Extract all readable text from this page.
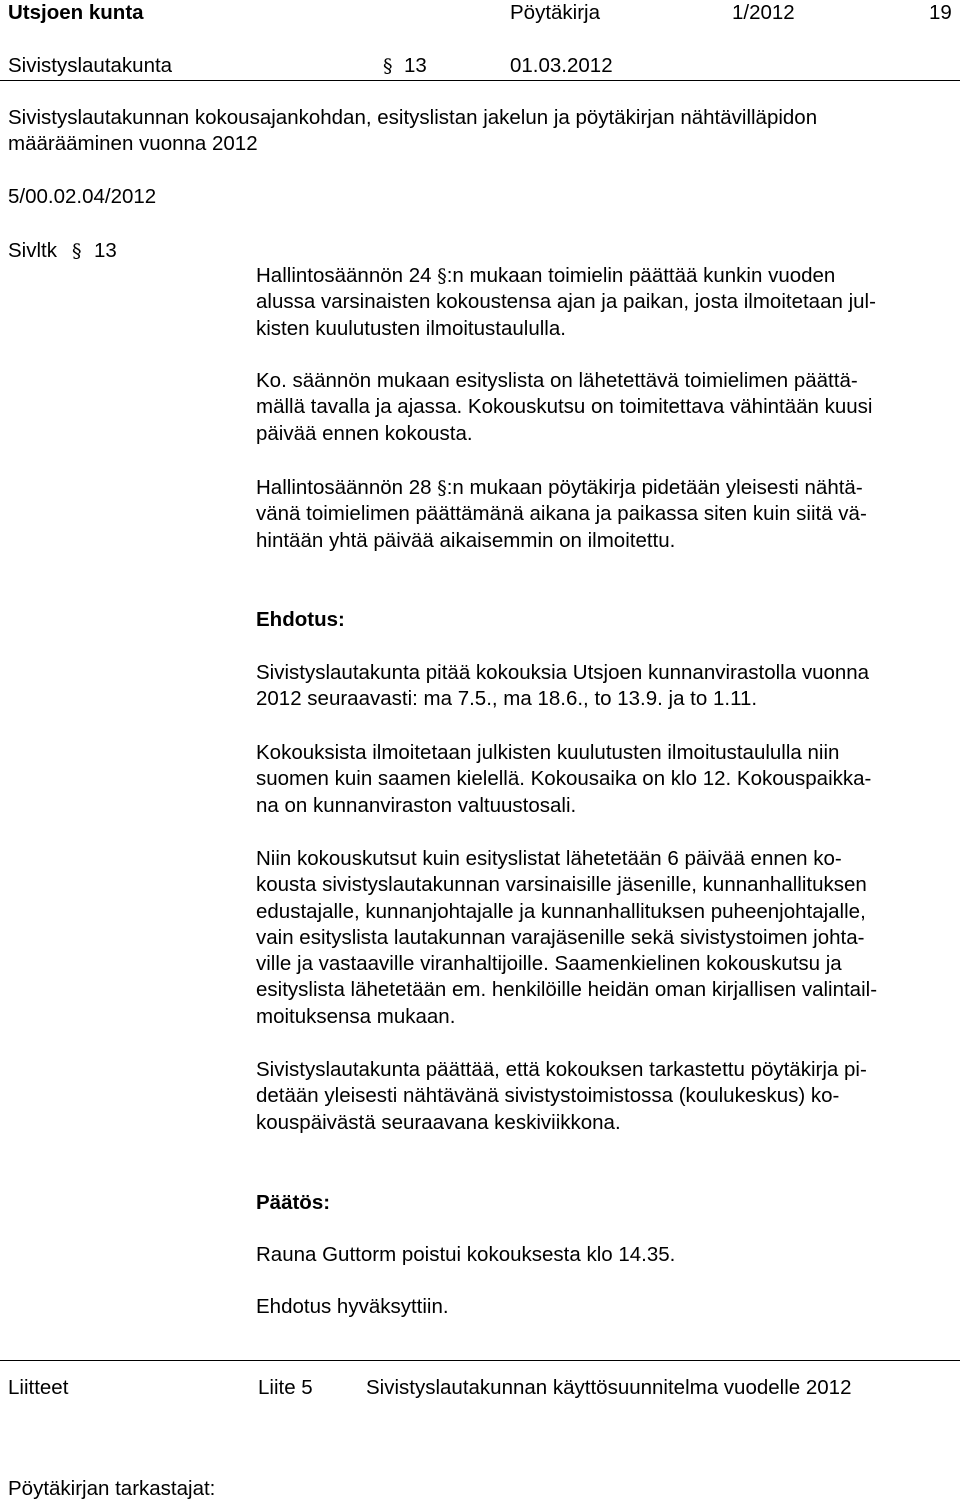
Utsjoen kunta	Pöytäkirja	1/2012	19
Sivistyslautakunta	§ 13	01.03.2012
Sivistyslautakunnan kokousajankohdan, esityslistan jakelun ja pöytäkirjan nähtävilläpidon
määrääminen vuonna 2012
5/00.02.04/2012
Sivltk § 13
Hallintosäännön 24 §:n mukaan toimielin päättää kunkin vuoden
alussa varsinaisten kokoustensa ajan ja paikan, josta ilmoitetaan jul-
kisten kuulutusten ilmoitustaululla.
Ko. säännön mukaan esityslista on lähetettävä toimielimen päättä-
mällä tavalla ja ajassa. Kokouskutsu on toimitettava vähintään kuusi
päivää ennen kokousta.
Hallintosäännön 28 §:n mukaan pöytäkirja pidetään yleisesti nähtä-
vänä toimielimen päättämänä aikana ja paikassa siten kuin siitä vä-
hintään yhtä päivää aikaisemmin on ilmoitettu.
Ehdotus:
Sivistyslautakunta pitää kokouksia Utsjoen kunnanvirastolla vuonna
2012 seuraavasti: ma 7.5., ma 18.6., to 13.9. ja to 1.11.
Kokouksista ilmoitetaan julkisten kuulutusten ilmoitustaululla niin
suomen kuin saamen kielellä. Kokousaika on klo 12. Kokouspaikka-
na on kunnanviraston valtuustosali.
Niin kokouskutsut kuin esityslistat lähetetään 6 päivää ennen ko-
kousta sivistyslautakunnan varsinaisille jäsenille, kunnanhallituksen
edustajalle, kunnanjohtajalle ja kunnanhallituksen puheenjohtajalle,
vain esityslista lautakunnan varajäsenille sekä sivistystoimen johta-
ville ja vastaaville viranhaltijoille. Saamenkielinen kokouskutsu ja
esityslista lähetetään em. henkilöille heidän oman kirjallisen valintail-
moituksensa mukaan.
Sivistyslautakunta päättää, että kokouksen tarkastettu pöytäkirja pi-
detään yleisesti nähtävänä sivistystoimistossa (koulukeskus) ko-
kouspäivästä seuraavana keskiviikkona.
Päätös:
Rauna Guttorm poistui kokouksesta klo 14.35.
Ehdotus hyväksyttiin.
Liitteet	Liite 5	Sivistyslautakunnan käyttösuunnitelma vuodelle 2012
Pöytäkirjan tarkastajat:
